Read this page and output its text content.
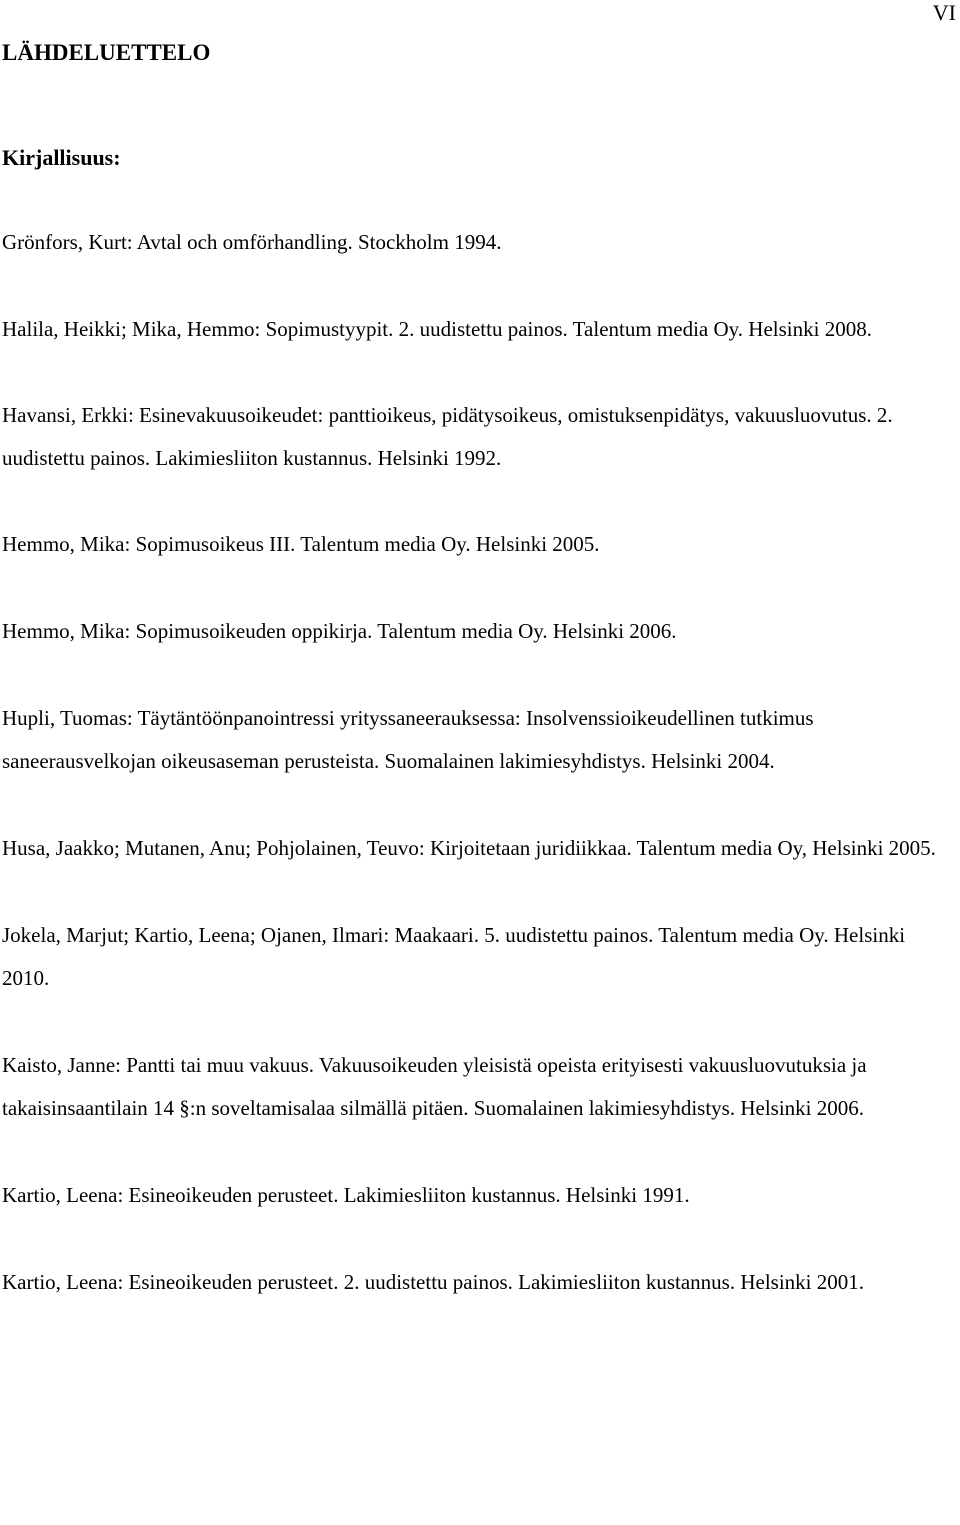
VI
LÄHDELUETTELO
Kirjallisuus:
Grönfors, Kurt: Avtal och omförhandling. Stockholm 1994.
Halila, Heikki; Mika, Hemmo: Sopimustyypit. 2. uudistettu painos. Talentum media Oy. Helsinki 2008.
Havansi, Erkki: Esinevakuusoikeudet: panttioikeus, pidätysoikeus, omistuksenpidätys, vakuusluovutus. 2. uudistettu painos. Lakimiesliiton kustannus. Helsinki 1992.
Hemmo, Mika: Sopimusoikeus III. Talentum media Oy. Helsinki 2005.
Hemmo, Mika: Sopimusoikeuden oppikirja. Talentum media Oy. Helsinki 2006.
Hupli, Tuomas: Täytäntöönpanointressi yrityssaneerauksessa: Insolvenssioikeudellinen tutkimus saneerausvelkojan oikeusaseman perusteista. Suomalainen lakimiesyhdistys. Helsinki 2004.
Husa, Jaakko; Mutanen, Anu; Pohjolainen, Teuvo: Kirjoitetaan juridiikkaa. Talentum media Oy, Helsinki 2005.
Jokela, Marjut; Kartio, Leena; Ojanen, Ilmari: Maakaari. 5. uudistettu painos. Talentum media Oy. Helsinki 2010.
Kaisto, Janne: Pantti tai muu vakuus. Vakuusoikeuden yleisistä opeista erityisesti vakuusluovutuksia ja takaisinsaantilain 14 §:n soveltamisalaa silmällä pitäen. Suomalainen lakimiesyhdistys. Helsinki 2006.
Kartio, Leena: Esineoikeuden perusteet. Lakimiesliiton kustannus. Helsinki 1991.
Kartio, Leena: Esineoikeuden perusteet. 2. uudistettu painos. Lakimiesliiton kustannus. Helsinki 2001.
